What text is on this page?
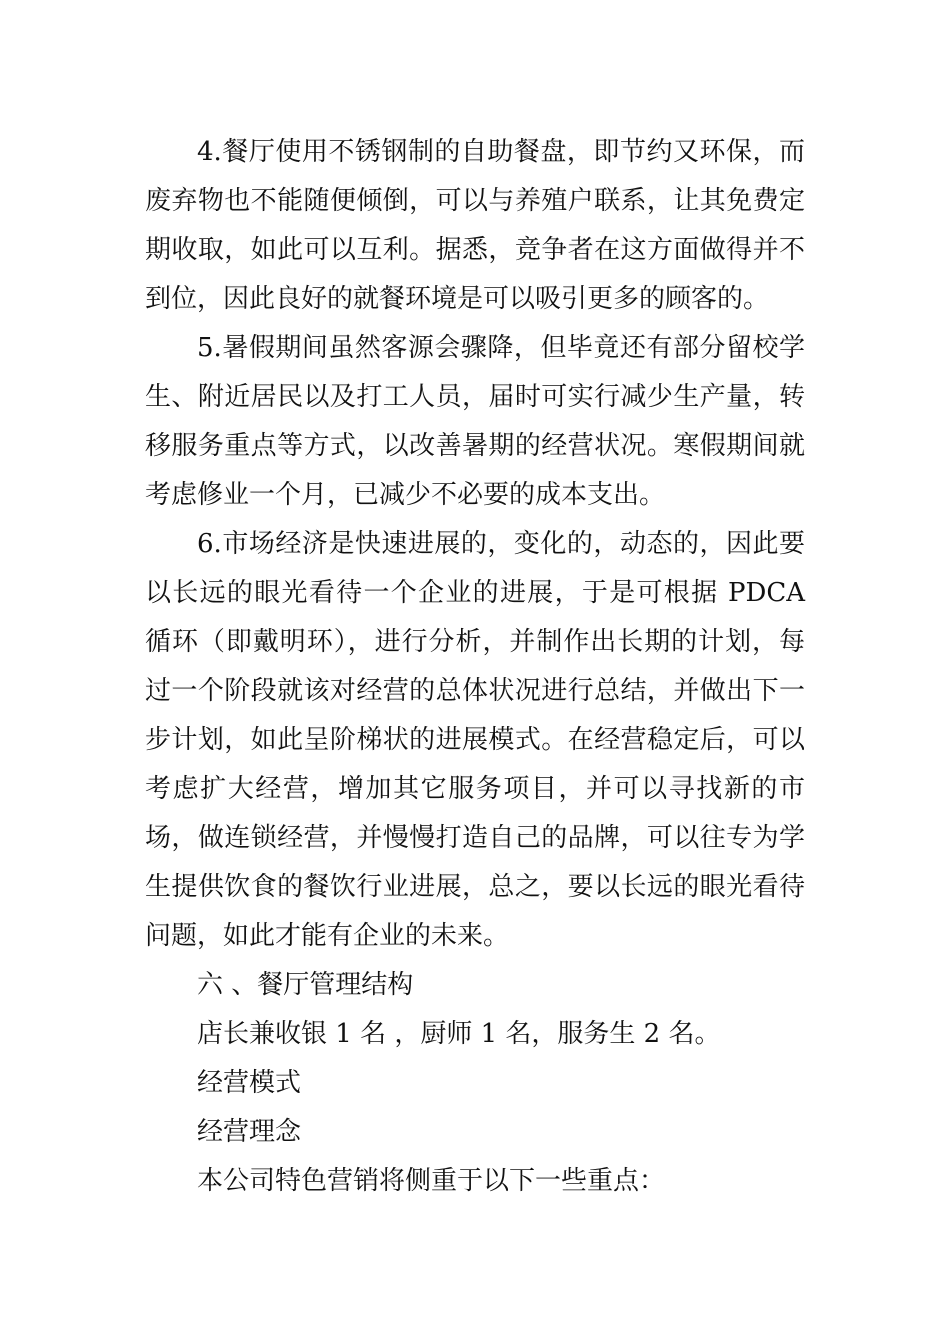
4.餐厅使用不锈钢制的自助餐盘，即节约又环保，而废弃物也不能随便倾倒，可以与养殖户联系，让其免费定期收取，如此可以互利。据悉，竞争者在这方面做得并不到位，因此良好的就餐环境是可以吸引更多的顾客的。

5.暑假期间虽然客源会骤降，但毕竟还有部分留校学生、附近居民以及打工人员，届时可实行减少生产量，转移服务重点等方式，以改善暑期的经营状况。寒假期间就考虑修业一个月，已减少不必要的成本支出。

6.市场经济是快速进展的，变化的，动态的，因此要以长远的眼光看待一个企业的进展，于是可根据 PDCA 循环（即戴明环），进行分析，并制作出长期的计划，每过一个阶段就该对经营的总体状况进行总结，并做出下一步计划，如此呈阶梯状的进展模式。在经营稳定后，可以考虑扩大经营，增加其它服务项目，并可以寻找新的市场，做连锁经营，并慢慢打造自己的品牌，可以往专为学生提供饮食的餐饮行业进展，总之，要以长远的眼光看待问题，如此才能有企业的未来。

六 、餐厅管理结构

店长兼收银 1 名 ，厨师 1 名，服务生 2 名。

经营模式

经营理念

本公司特色营销将侧重于以下一些重点：
